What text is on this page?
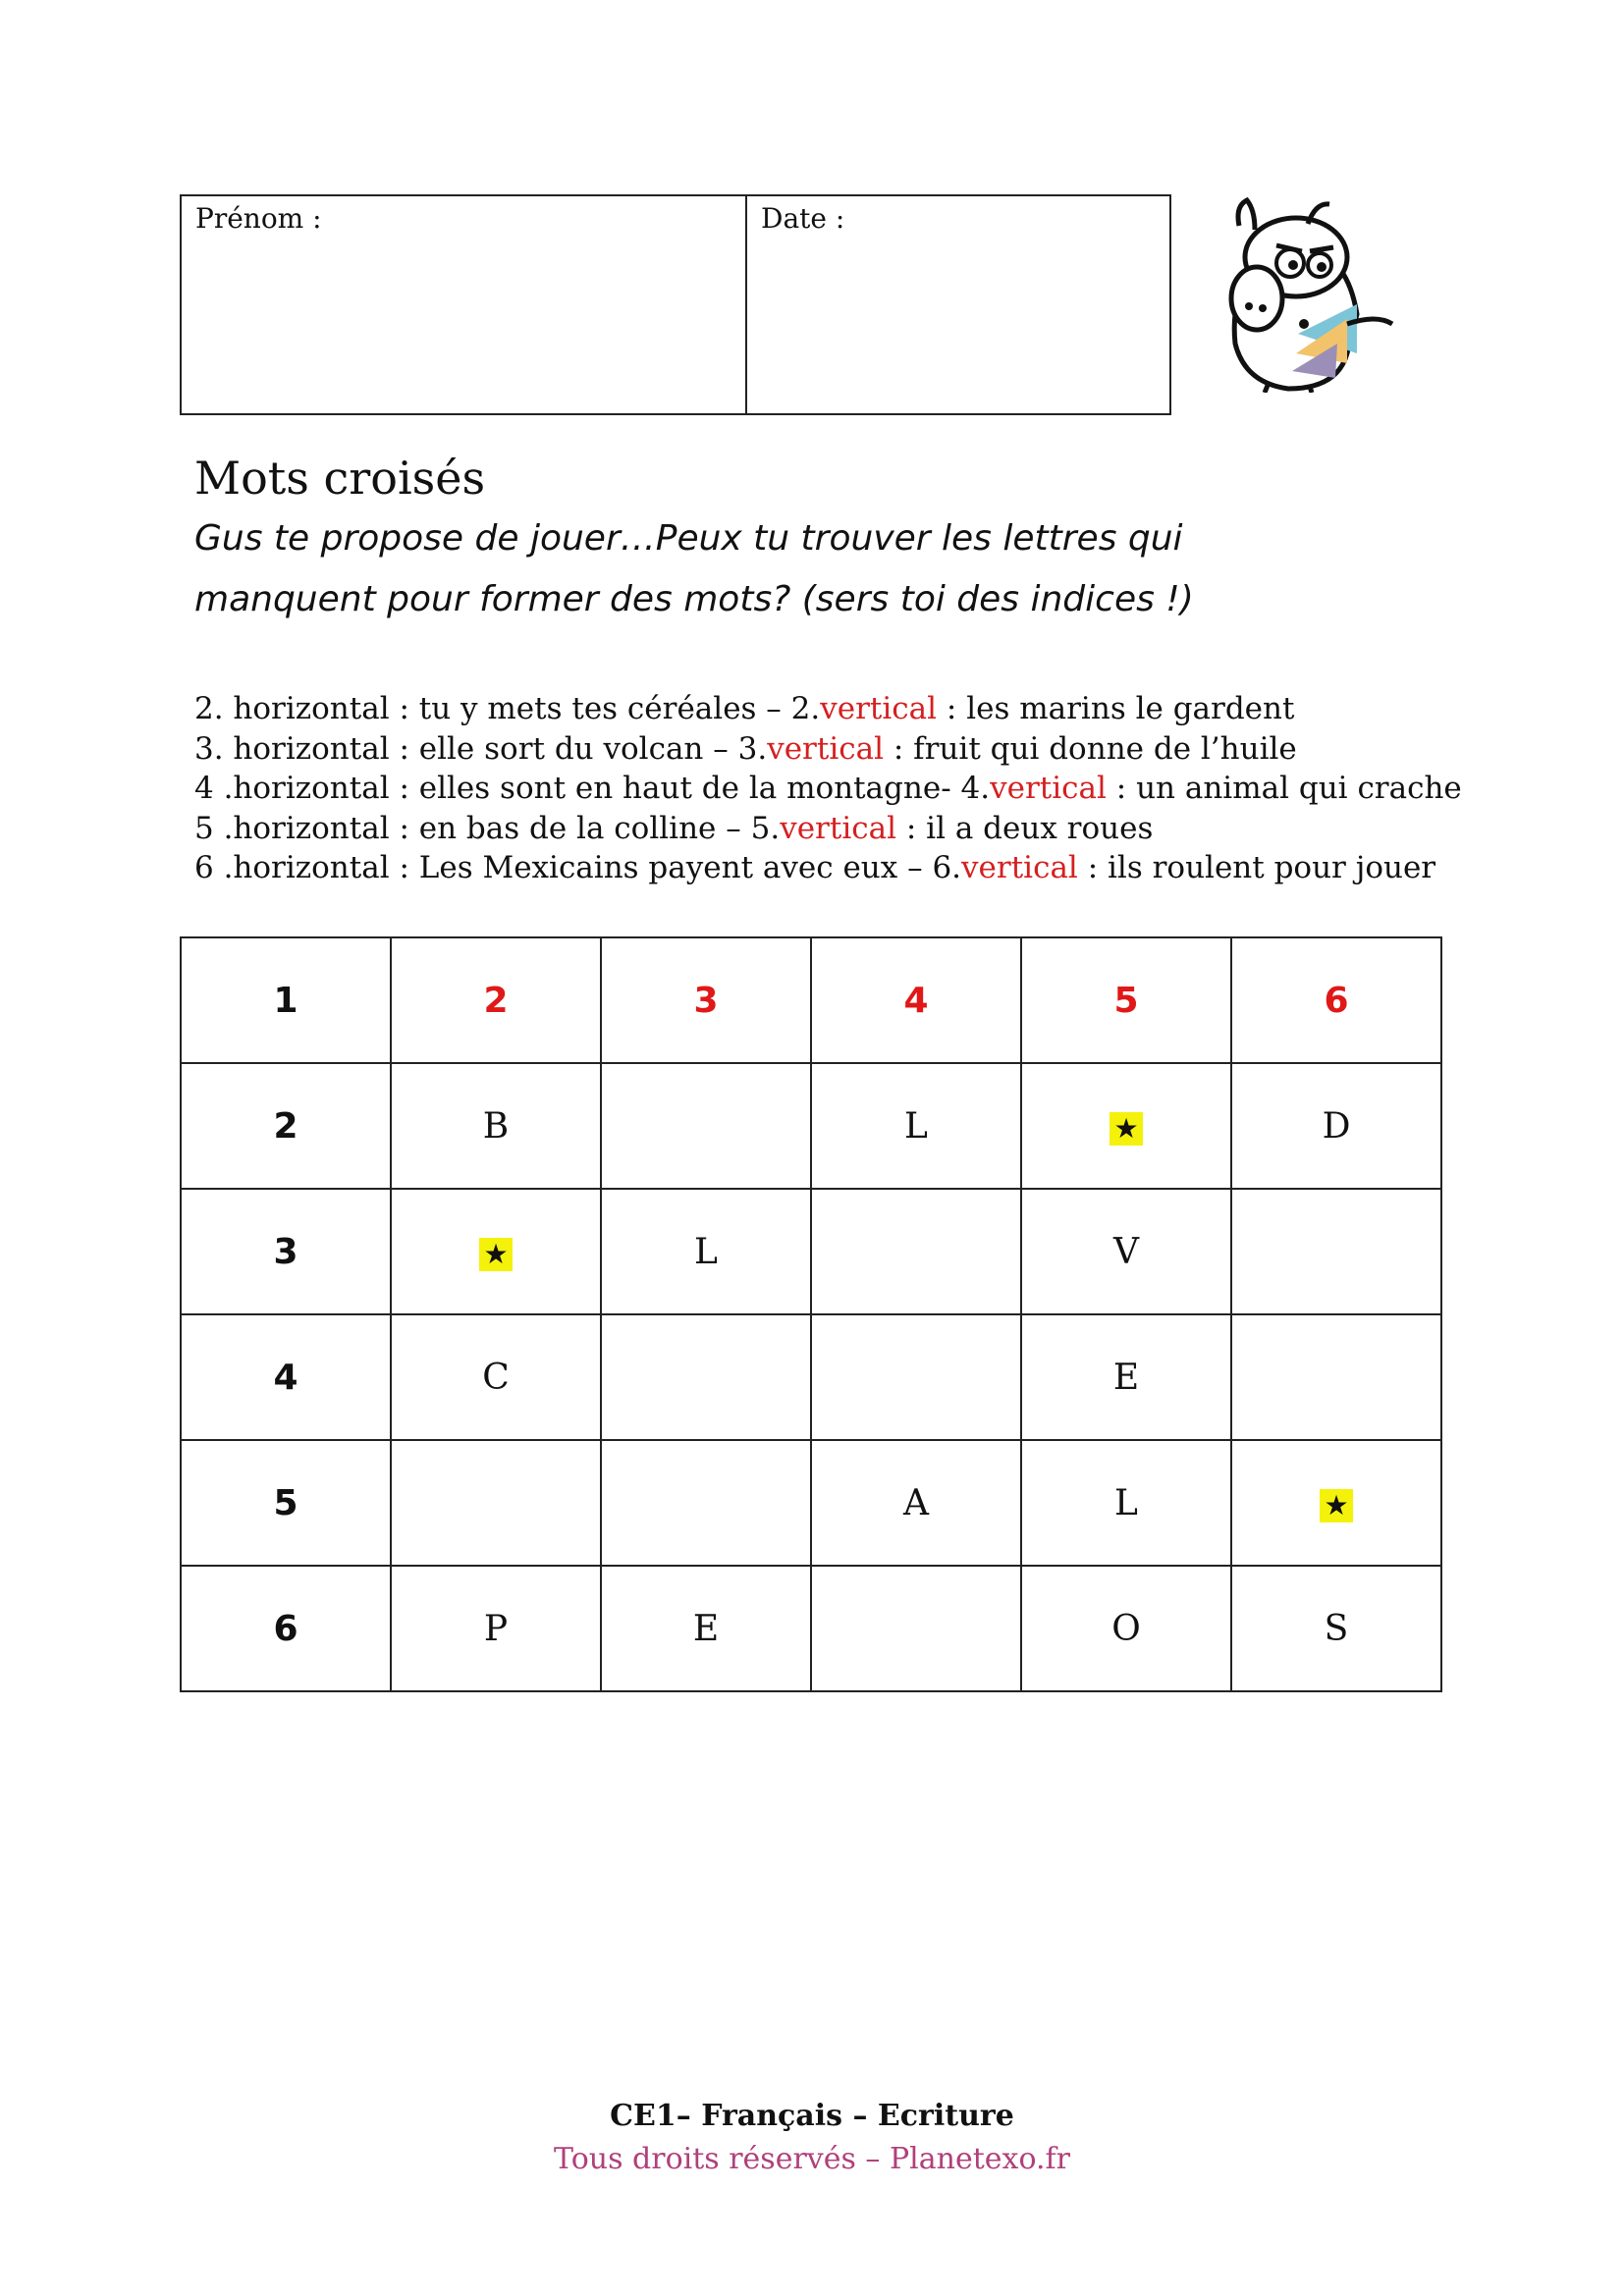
Prénom :	Date :
Mots croisés
Gus te propose de jouer…Peux tu trouver les lettres qui
manquent pour former des mots? (sers toi des indices !)
2. horizontal : tu y mets tes céréales – 2.vertical : les marins le gardent
3. horizontal : elle sort du volcan – 3.vertical : fruit qui donne de l’huile
4 .horizontal : elles sont en haut de la montagne- 4.vertical : un animal qui crache
5 .horizontal : en bas de la colline – 5.vertical : il a deux roues
6 .horizontal : Les Mexicains payent avec eux – 6.vertical : ils roulent pour jouer
1	2	3	4	5	6
2	B		L	★	D
3	★	L		V	
4	C			E	
5			A	L	★
6	P	E		O	S
CE1– Français – Ecriture
Tous droits réservés – Planetexo.fr
